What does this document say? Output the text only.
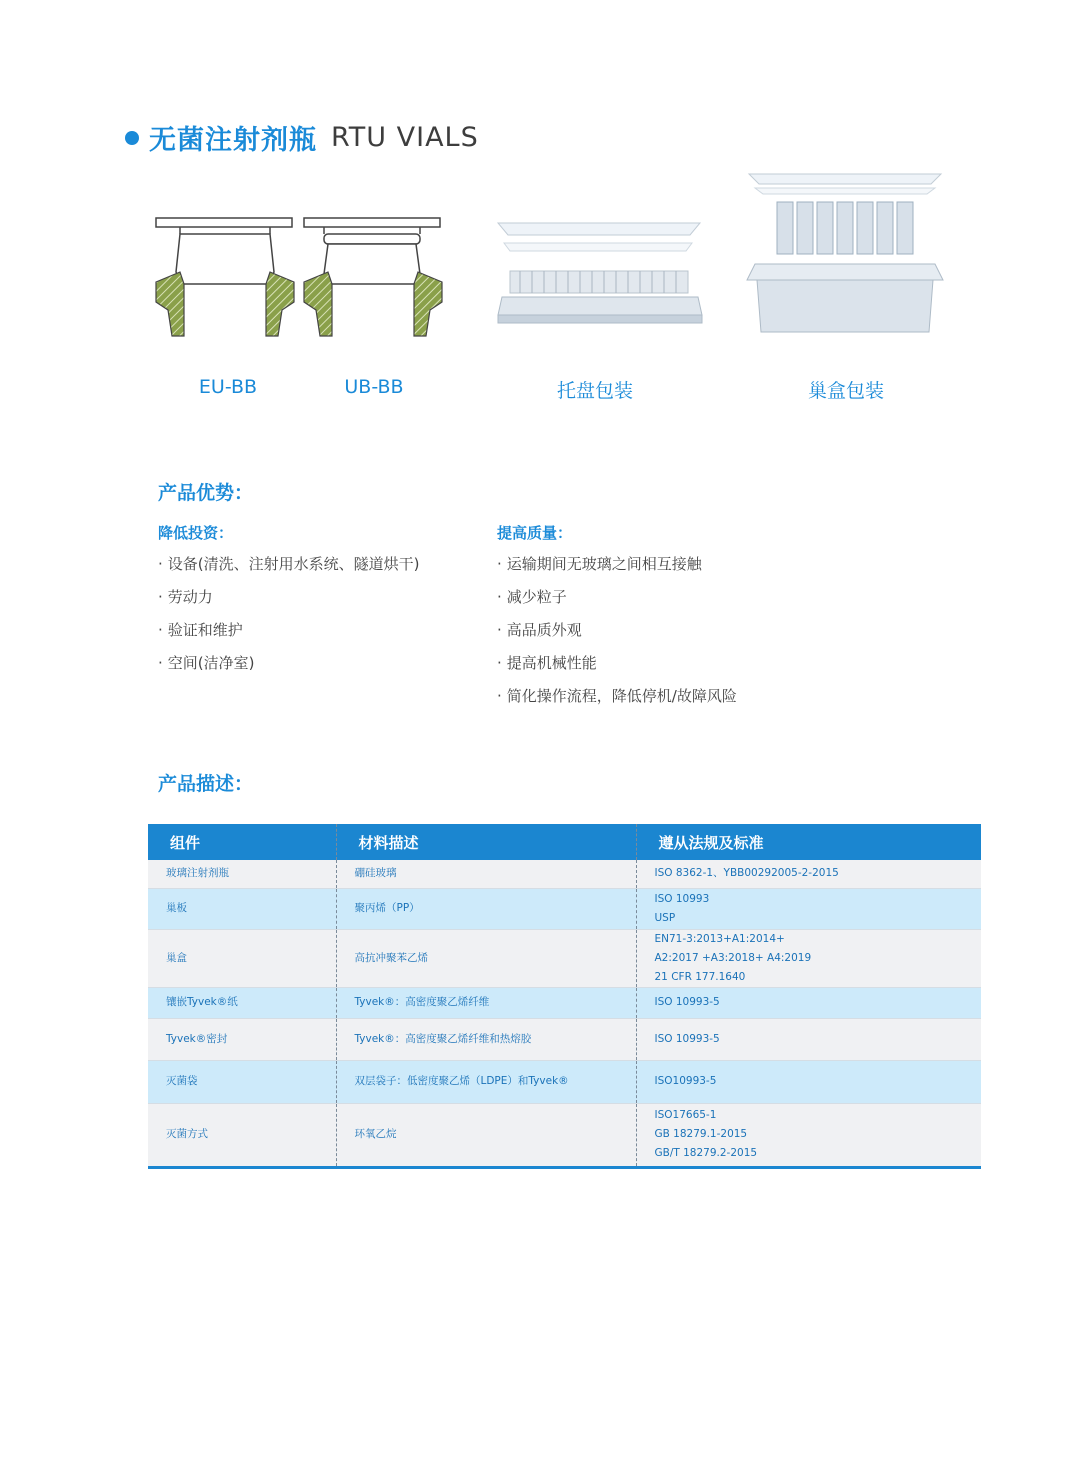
无菌注射剂瓶 RTU VIALS
EU-BB	UB-BB	托盘包装	巢盒包装
产品优势：
降低投资：
· 设备(清洗、注射用水系统、隧道烘干)
· 劳动力
· 验证和维护
· 空间(洁净室)
提高质量：
· 运输期间无玻璃之间相互接触
· 减少粒子
· 高品质外观
· 提高机械性能
· 简化操作流程，降低停机/故障风险
产品描述：
组件	材料描述	遵从法规及标准
玻璃注射剂瓶	硼硅玻璃	ISO 8362-1、YBB00292005-2-2015

巢板	聚丙烯（PP）	ISO 10993
USP

巢盒	高抗冲聚苯乙烯	EN71-3:2013+A1:2014+
A2:2017 +A3:2018+ A4:2019
21 CFR 177.1640

镶嵌Tyvek®纸	Tyvek®：高密度聚乙烯纤维	ISO 10993-5

Tyvek®密封	Tyvek®：高密度聚乙烯纤维和热熔胶	ISO 10993-5

灭菌袋	双层袋子：低密度聚乙烯（LDPE）和Tyvek®	ISO10993-5

灭菌方式	环氧乙烷	ISO17665-1
GB 18279.1-2015
GB/T 18279.2-2015
